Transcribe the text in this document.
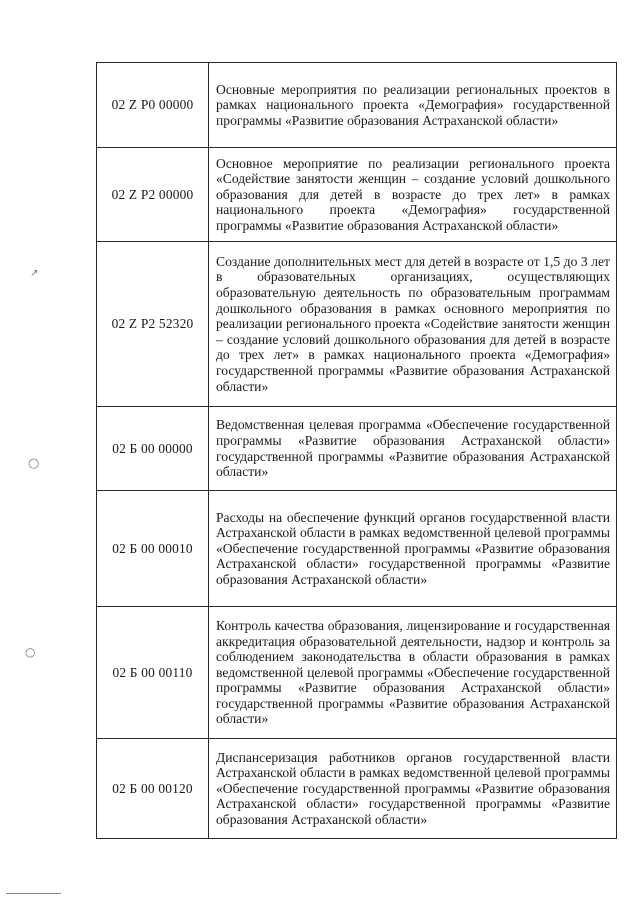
↗
○
○
02 Z P0 00000	Основные мероприятия по реализации региональных проектов в рамках национального проекта «Демография» государственной программы «Развитие образования Астраханской области»
02 Z P2 00000	Основное мероприятие по реализации регионального проекта «Содействие занятости женщин – создание условий дошкольного образования для детей в возрасте до трех лет» в рамках национального проекта «Демография» государственной программы «Развитие образования Астраханской области»
02 Z P2 52320	Создание дополнительных мест для детей в возрасте от 1,5 до 3 лет в образовательных организациях, осуществляющих образовательную деятельность по образовательным программам дошкольного образования в рамках основного мероприятия по реализации регионального проекта «Содействие занятости женщин – создание условий дошкольного образования для детей в возрасте до трех лет» в рамках национального проекта «Демография» государственной программы «Развитие образования Астраханской области»
02 Б 00 00000	Ведомственная целевая программа «Обеспечение государственной программы «Развитие образования Астраханской области» государственной программы «Развитие образования Астраханской области»
02 Б 00 00010	Расходы на обеспечение функций органов государственной власти Астраханской области в рамках ведомственной целевой программы «Обеспечение государственной программы «Развитие образования Астраханской области» государственной программы «Развитие образования Астраханской области»
02 Б 00 00110	Контроль качества образования, лицензирование и государственная аккредитация образовательной деятельности, надзор и контроль за соблюдением законодательства в области образования в рамках ведомственной целевой программы «Обеспечение государственной программы «Развитие образования Астраханской области» государственной программы «Развитие образования Астраханской области»
02 Б 00 00120	Диспансеризация работников органов государственной власти Астраханской области в рамках ведомственной целевой программы «Обеспечение государственной программы «Развитие образования Астраханской области» государственной программы «Развитие образования Астраханской области»
